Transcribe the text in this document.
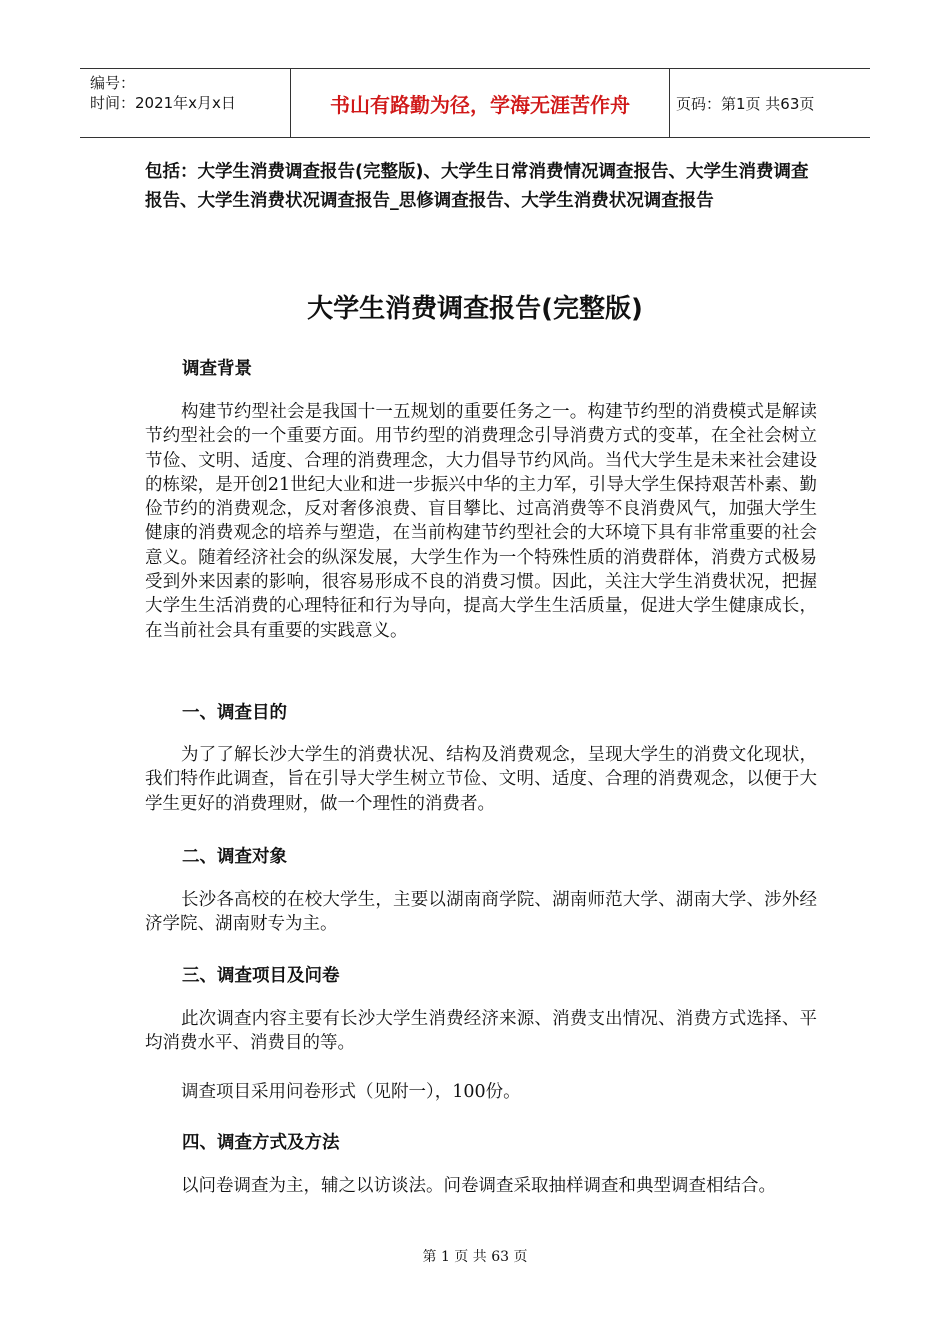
编号：
时间：2021年x月x日	书山有路勤为径，学海无涯苦作舟	页码：第1页 共63页
包括：大学生消费调查报告(完整版)、大学生日常消费情况调查报告、大学生消费调查报告、大学生消费状况调查报告_思修调查报告、大学生消费状况调查报告
大学生消费调查报告(完整版)
调查背景
构建节约型社会是我国十一五规划的重要任务之一。构建节约型的消费模式是解读节约型社会的一个重要方面。用节约型的消费理念引导消费方式的变革，在全社会树立节俭、文明、适度、合理的消费理念，大力倡导节约风尚。当代大学生是未来社会建设的栋梁，是开创21世纪大业和进一步振兴中华的主力军，引导大学生保持艰苦朴素、勤俭节约的消费观念，反对奢侈浪费、盲目攀比、过高消费等不良消费风气，加强大学生健康的消费观念的培养与塑造，在当前构建节约型社会的大环境下具有非常重要的社会意义。随着经济社会的纵深发展，大学生作为一个特殊性质的消费群体，消费方式极易受到外来因素的影响，很容易形成不良的消费习惯。因此，关注大学生消费状况，把握大学生生活消费的心理特征和行为导向，提高大学生生活质量，促进大学生健康成长，在当前社会具有重要的实践意义。
一、调查目的
为了了解长沙大学生的消费状况、结构及消费观念，呈现大学生的消费文化现状，我们特作此调查，旨在引导大学生树立节俭、文明、适度、合理的消费观念，以便于大学生更好的消费理财，做一个理性的消费者。
二、调查对象
长沙各高校的在校大学生，主要以湖南商学院、湖南师范大学、湖南大学、涉外经济学院、湖南财专为主。
三、调查项目及问卷
此次调查内容主要有长沙大学生消费经济来源、消费支出情况、消费方式选择、平均消费水平、消费目的等。
调查项目采用问卷形式（见附一），100份。
四、调查方式及方法
以问卷调查为主，辅之以访谈法。问卷调查采取抽样调查和典型调查相结合。
第 1 页 共 63 页
